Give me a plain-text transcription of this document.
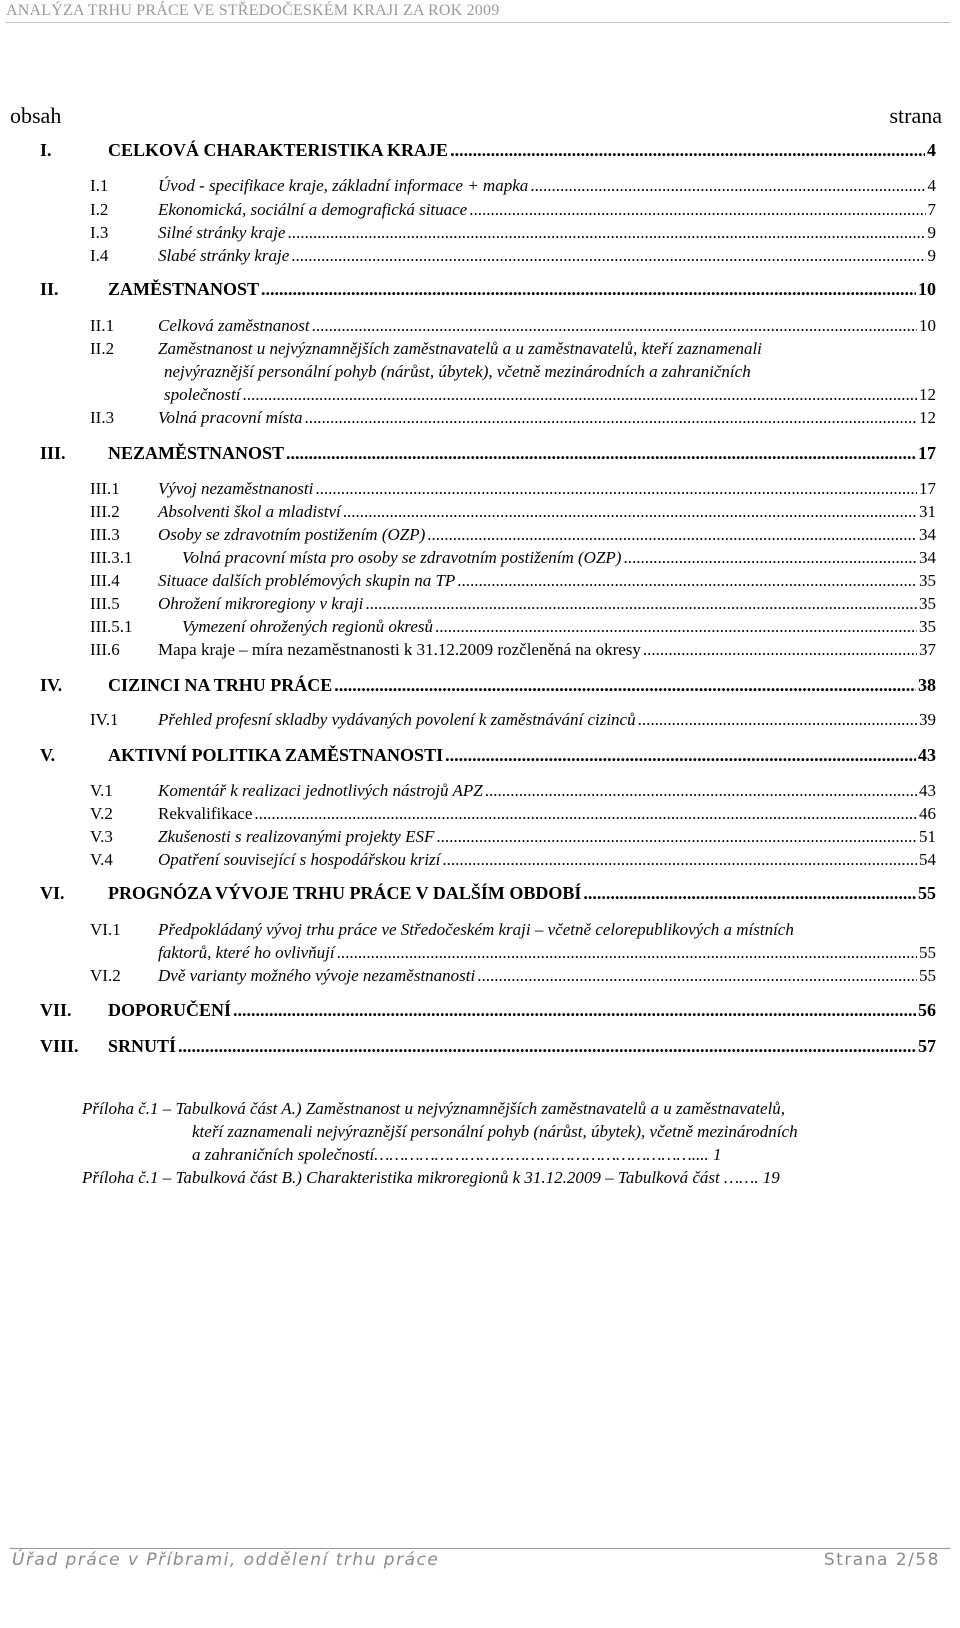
ANALÝZA TRHU PRÁCE VE STŘEDOČESKÉM KRAJI ZA ROK 2009
obsah	strana
I.	CELKOVÁ CHARAKTERISTIKA KRAJE .....	4
I.1	Úvod - specifikace kraje, základní informace + mapka .....	4
I.2	Ekonomická, sociální a demografická situace .....	7
I.3	Silné stránky kraje .....	9
I.4	Slabé stránky kraje .....	9
II.	ZAMĚSTNANOST .....	10
II.1	Celková zaměstnanost .....	10
II.2	Zaměstnanost u nejvýznamnějších zaměstnavatelů a u zaměstnavatelů, kteří zaznamenali
nejvýraznější personální pohyb (nárůst, úbytek), včetně mezinárodních a zahraničních
společností .....	12
II.3	Volná pracovní místa .....	12
III.	NEZAMĚSTNANOST .....	17
III.1	Vývoj nezaměstnanosti .....	17
III.2	Absolventi škol a mladiství .....	31
III.3	Osoby se zdravotním postižením (OZP) .....	34
III.3.1	Volná pracovní místa pro osoby se zdravotním postižením (OZP) .....	34
III.4	Situace dalších problémových skupin na TP .....	35
III.5	Ohrožení mikroregiony v kraji .....	35
III.5.1	Vymezení ohrožených regionů okresů .....	35
III.6	Mapa kraje – míra nezaměstnanosti k 31.12.2009 rozčleněná na okresy .....	37
IV.	CIZINCI NA TRHU PRÁCE .....	38
IV.1	Přehled profesní skladby vydávaných povolení k zaměstnávání cizinců .....	39
V.	AKTIVNÍ POLITIKA ZAMĚSTNANOSTI .....	43
V.1	Komentář k realizaci jednotlivých nástrojů APZ .....	43
V.2	Rekvalifikace .....	46
V.3	Zkušenosti s realizovanými projekty ESF .....	51
V.4	Opatření související s hospodářskou krizí .....	54
VI.	PROGNÓZA VÝVOJE TRHU PRÁCE V DALŠÍM OBDOBÍ .....	55
VI.1 Předpokládaný vývoj trhu práce ve Středočeském kraji – včetně celorepublikových a místních
faktorů, které ho ovlivňují .....	55
VI.2	Dvě varianty možného vývoje nezaměstnanosti .....	55
VII.	DOPORUČENÍ .....	56
VIII.	SRNUTÍ .....	57
Příloha č.1 – Tabulková část A.) Zaměstnanost u nejvýznamnějších zaměstnavatelů a u zaměstnavatelů,
kteří zaznamenali nejvýraznější personální pohyb (nárůst, úbytek), včetně mezinárodních
a zahraničních společností……………………………………………………….... 1
Příloha č.1 – Tabulková část B.) Charakteristika mikroregionů k 31.12.2009 – Tabulková část ……. 19
Úřad práce v Příbrami, oddělení trhu práce	Strana 2/58
